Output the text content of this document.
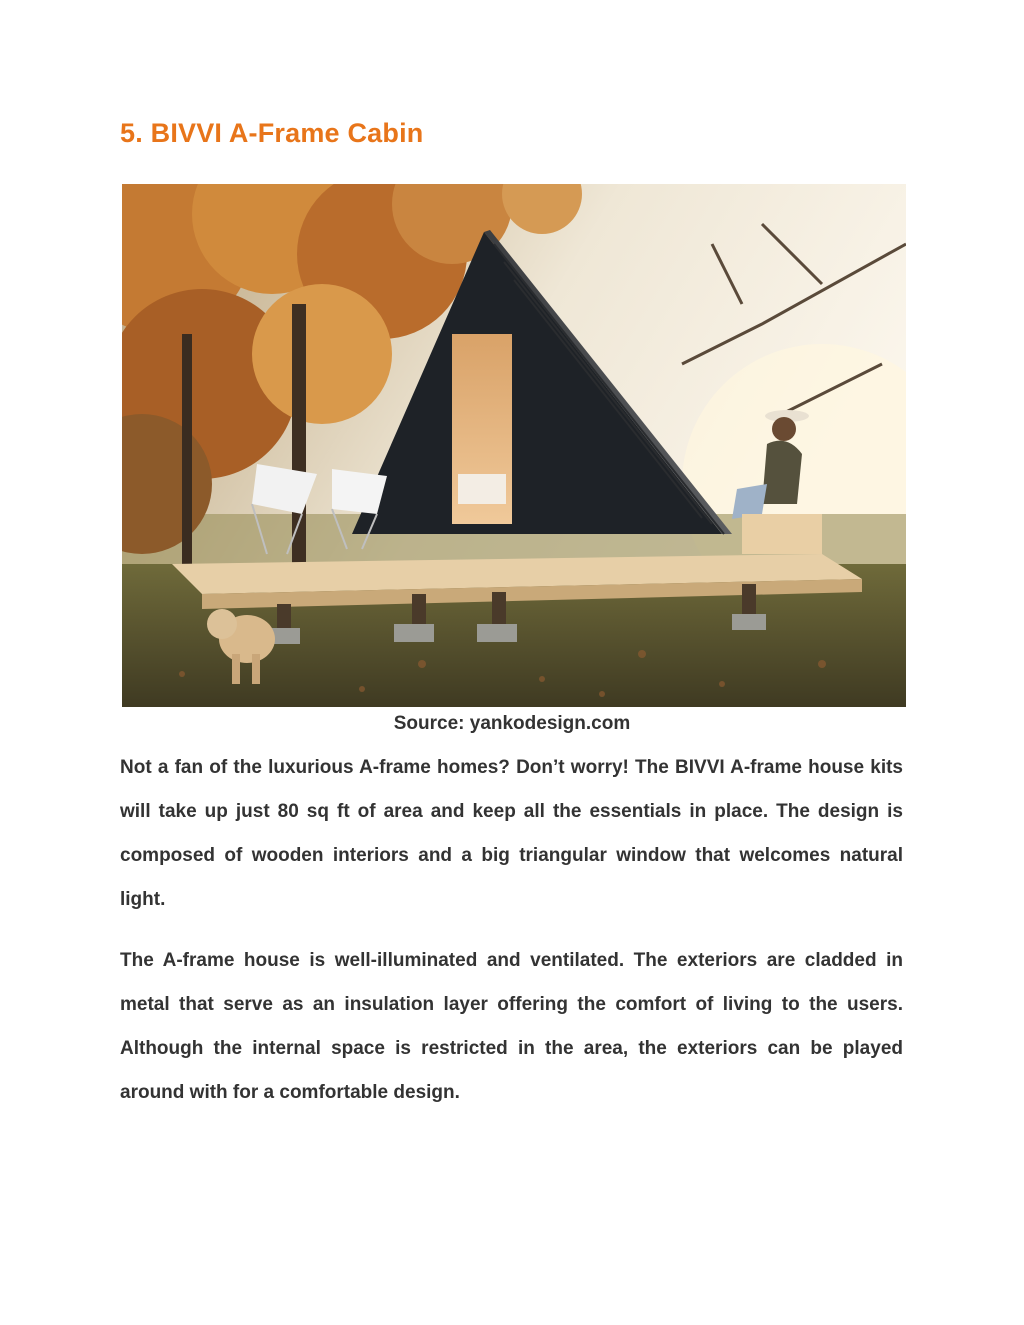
5. BIVVI A-Frame Cabin
Source: yankodesign.com

Not a fan of the luxurious A-frame homes? Don’t worry! The BIVVI A-frame house kits will take up just 80 sq ft of area and keep all the essentials in place. The design is composed of wooden interiors and a big triangular window that welcomes natural light.

The A-frame house is well-illuminated and ventilated. The exteriors are cladded in metal that serve as an insulation layer offering the comfort of living to the users. Although the internal space is restricted in the area, the exteriors can be played around with for a comfortable design.
